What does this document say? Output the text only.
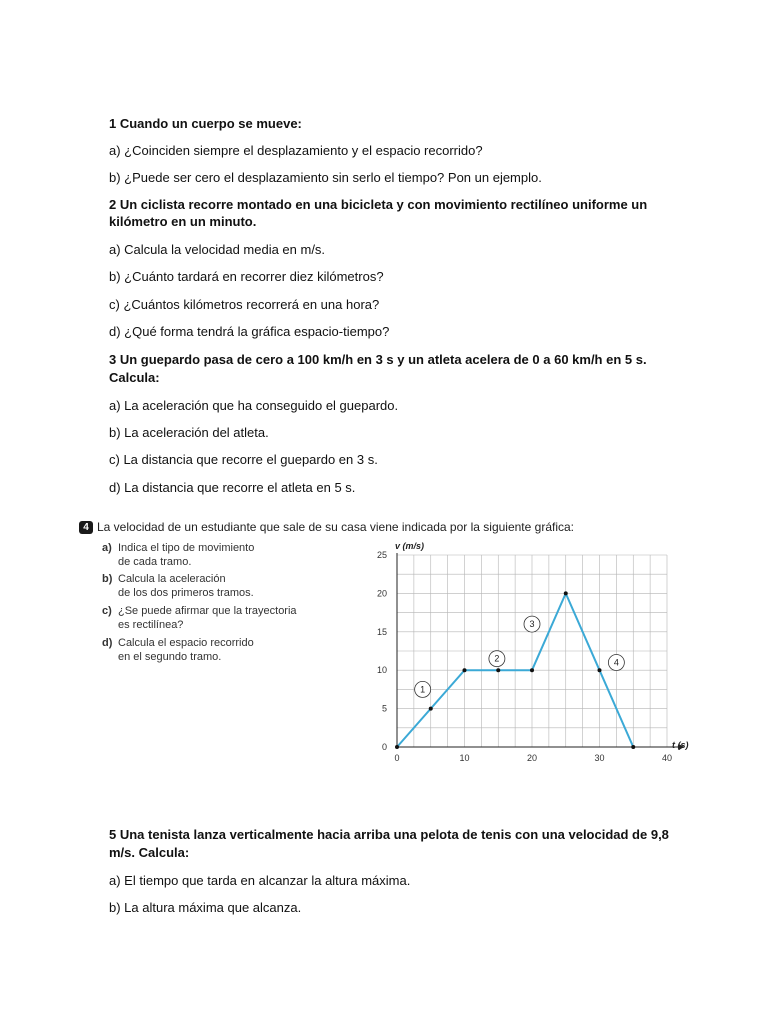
1 Cuando un cuerpo se mueve:
a) ¿Coinciden siempre el desplazamiento y el espacio recorrido?
b) ¿Puede ser cero el desplazamiento sin serlo el tiempo? Pon un ejemplo.
2 Un ciclista recorre montado en una bicicleta y con movimiento rectilíneo uniforme un
kilómetro en un minuto.
a) Calcula la velocidad media en m/s.
b) ¿Cuánto tardará en recorrer diez kilómetros?
c) ¿Cuántos kilómetros recorrerá en una hora?
d) ¿Qué forma tendrá la gráfica espacio-tiempo?
3 Un guepardo pasa de cero a 100 km/h en 3 s y un atleta acelera de 0 a 60 km/h en 5 s.
Calcula:
a) La aceleración que ha conseguido el guepardo.
b) La aceleración del atleta.
c) La distancia que recorre el guepardo en 3 s.
d) La distancia que recorre el atleta en 5 s.
4 La velocidad de un estudiante que sale de su casa viene indicada por la siguiente gráfica:
a) Indica el tipo de movimiento
de cada tramo.
b) Calcula la aceleración
de los dos primeros tramos.
c) ¿Se puede afirmar que la trayectoria
es rectilínea?
d) Calcula el espacio recorrido
en el segundo tramo.
0	10	20	30	40
0
5
10
15
20
25
1
2
3
4
v (m/s)
t (s)
5 Una tenista lanza verticalmente hacia arriba una pelota de tenis con una velocidad de 9,8
m/s. Calcula:
a) El tiempo que tarda en alcanzar la altura máxima.
b) La altura máxima que alcanza.
